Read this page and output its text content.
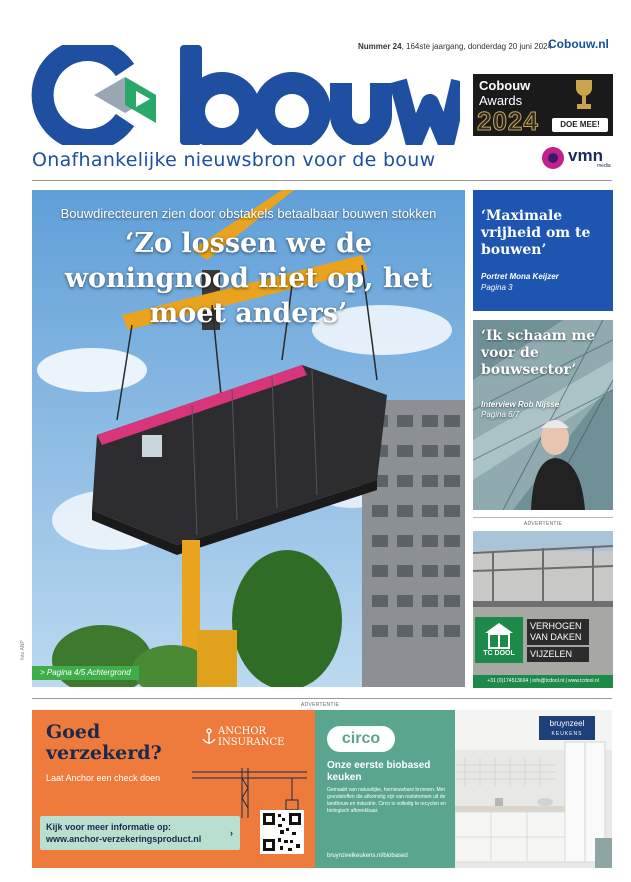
Nummer 24, 164ste jaargang, donderdag 20 juni 2024
Cobouw.nl
Onafhankelijke nieuwsbron voor de bouw
Cobouw
Awards
2024	DOE MEE!
vmn
media
Bouwdirecteuren zien door obstakels betaalbaar bouwen stokken
‘Zo lossen we de woningnood niet op, het moet anders’
> Pagina 4/5 Achtergrond
foto ANP
‘Maximale vrijheid om te bouwen’
Portret Mona Keijzer
Pagina 3
‘Ik schaam me voor de bouwsector’
Interview Rob Nijsse
Pagina 6/7
ADVERTENTIE
TC DOOL
VERHOGEN VAN DAKEN
VIJZELEN
+31 (0)174513694 | info@tcdool.nl | www.tcdool.nl
ADVERTENTIE
Goed verzekerd?
Laat Anchor een check doen
ANCHOR
INSURANCE
Kijk voor meer informatie op:
www.anchor-verzekeringsproduct.nl
›
circo
Onze eerste biobased keuken
Gemaakt van natuurlijke, hernieuwbare bronnen. Met grondstoffen die afkomstig zijn van reststromen uit de landbouw en industrie. Circo is volledig te recyclen en biologisch afbreekbaar.
bruynzeelkeukens.nl/biobased
bruynzeel
KEUKENS
